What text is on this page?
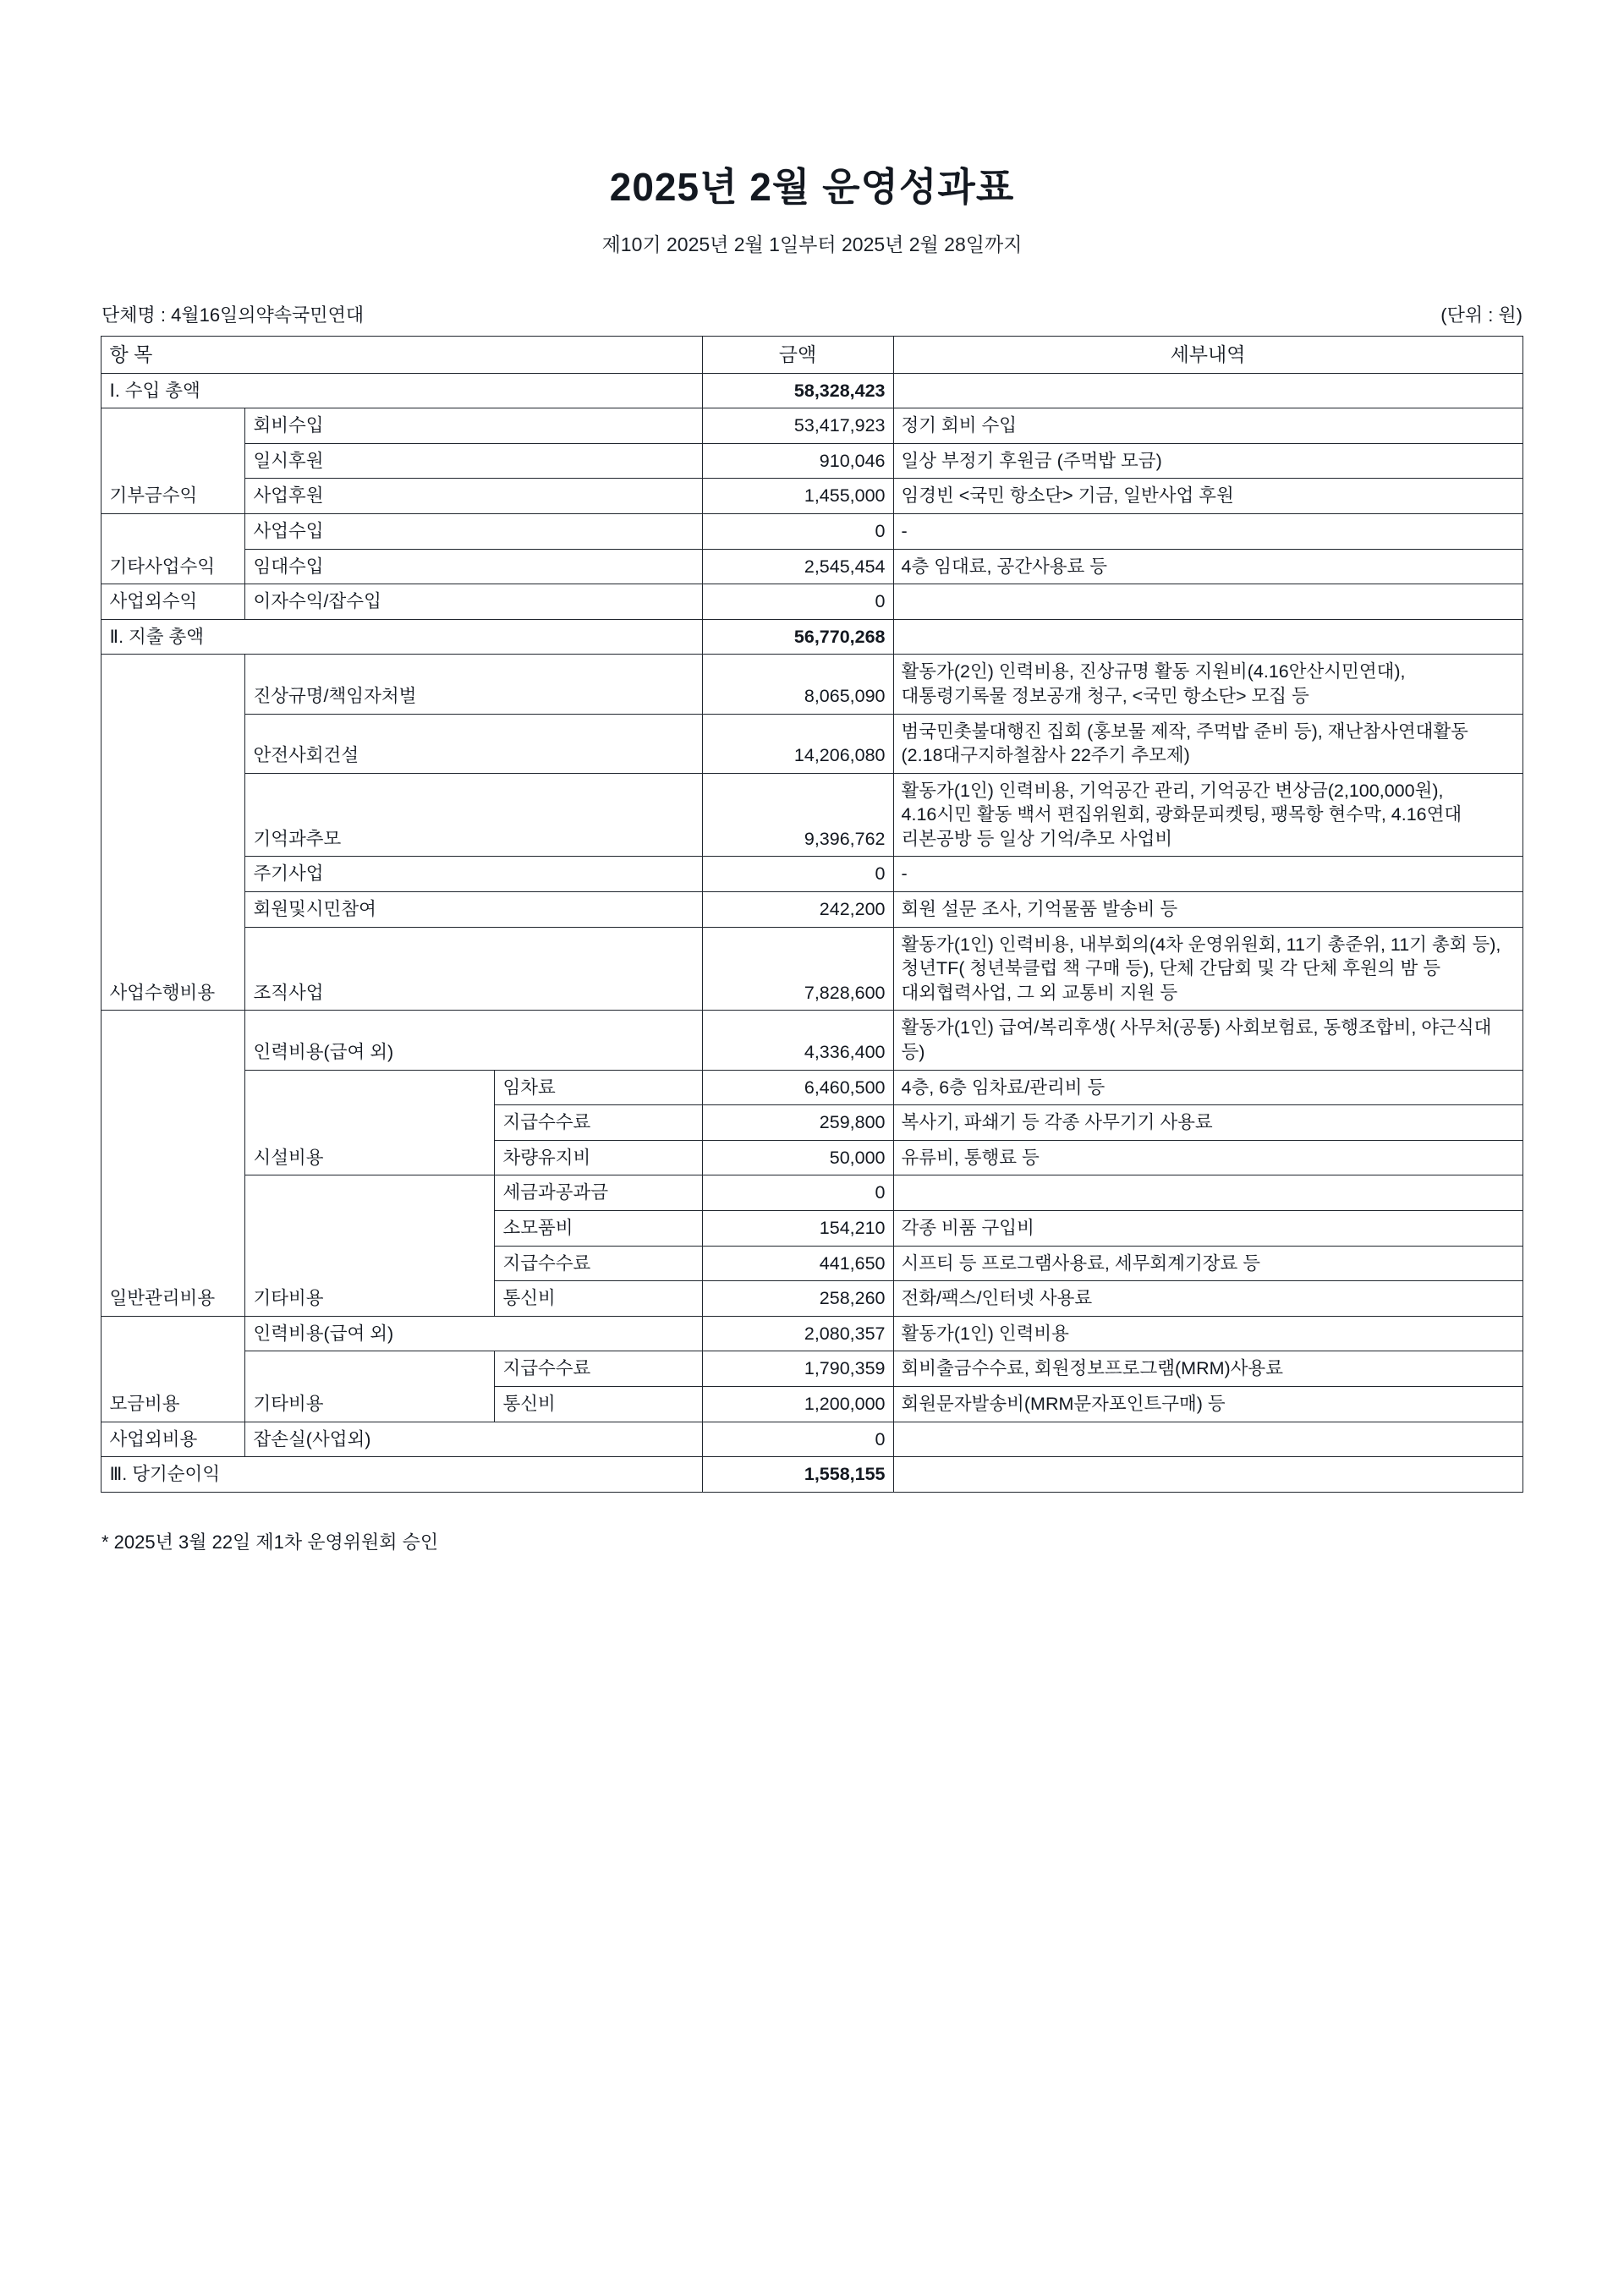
2025년 2월 운영성과표
제10기 2025년 2월 1일부터 2025년 2월 28일까지
단체명 : 4월16일의약속국민연대	(단위 : 원)
항 목			금액	세부내역
Ⅰ. 수입 총액			58,328,423	
기부금수익	회비수입		53,417,923	정기 회비 수입
	일시후원		910,046	일상 부정기 후원금 (주먹밥 모금)
	사업후원		1,455,000	임경빈 <국민 항소단> 기금, 일반사업 후원
기타사업수익	사업수입		0	-
	임대수입		2,545,454	4층 임대료, 공간사용료 등
사업외수익	이자수익/잡수입		0	
Ⅱ. 지출 총액			56,770,268	
사업수행비용	진상규명/책임자처벌		8,065,090	활동가(2인) 인력비용, 진상규명 활동 지원비(4.16안산시민연대), 대통령기록물 정보공개 청구, <국민 항소단> 모집 등
	안전사회건설		14,206,080	범국민촛불대행진 집회 (홍보물 제작, 주먹밥 준비 등), 재난참사연대활동(2.18대구지하철참사 22주기 추모제)
	기억과추모		9,396,762	활동가(1인) 인력비용, 기억공간 관리, 기억공간 변상금(2,100,000원), 4.16시민 활동 백서 편집위원회, 광화문피켓팅, 팽목항 현수막, 4.16연대 리본공방 등 일상 기억/추모 사업비
	주기사업		0	-
	회원및시민참여		242,200	회원 설문 조사, 기억물품 발송비 등
	조직사업		7,828,600	활동가(1인) 인력비용, 내부회의(4차 운영위원회, 11기 총준위, 11기 총회 등), 청년TF( 청년북클럽 책 구매 등), 단체 간담회 및 각 단체 후원의 밤 등 대외협력사업, 그 외 교통비 지원 등
일반관리비용	인력비용(급여 외)		4,336,400	활동가(1인) 급여/복리후생( 사무처(공통) 사회보험료, 동행조합비, 야근식대 등)
	시설비용	임차료	6,460,500	4층, 6층 임차료/관리비 등
		지급수수료	259,800	복사기, 파쇄기 등 각종 사무기기 사용료
		차량유지비	50,000	유류비, 통행료 등
	기타비용	세금과공과금	0	
		소모품비	154,210	각종 비품 구입비
		지급수수료	441,650	시프티 등 프로그램사용료, 세무회계기장료 등
		통신비	258,260	전화/팩스/인터넷 사용료
모금비용	인력비용(급여 외)		2,080,357	활동가(1인) 인력비용
	기타비용	지급수수료	1,790,359	회비출금수수료, 회원정보프로그램(MRM)사용료
		통신비	1,200,000	회원문자발송비(MRM문자포인트구매) 등
사업외비용	잡손실(사업외)		0	
Ⅲ. 당기순이익			1,558,155	
* 2025년 3월 22일 제1차 운영위원회 승인
